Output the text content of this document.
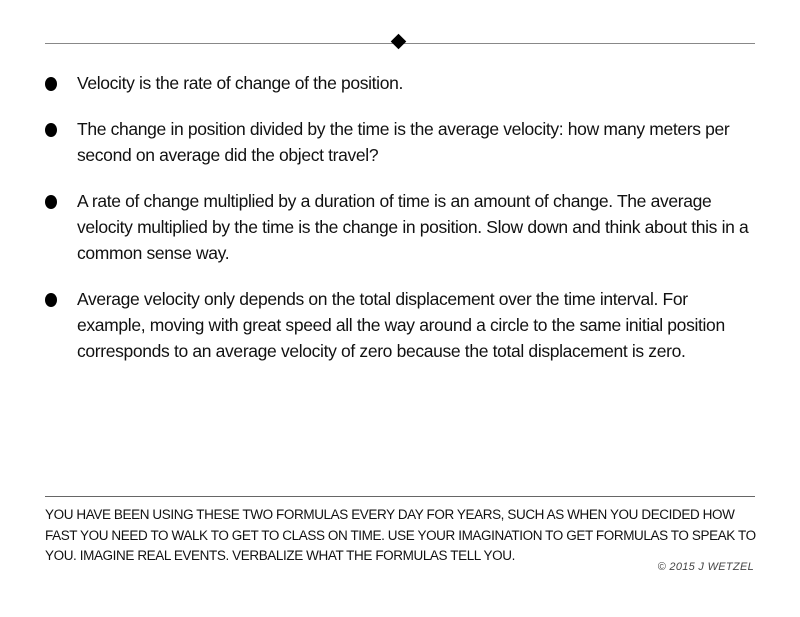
Velocity is the rate of change of the position.
The change in position divided by the time is the average velocity: how many meters per second on average did the object travel?
A rate of change multiplied by a duration of time is an amount of change. The average velocity multiplied by the time is the change in position. Slow down and think about this in a common sense way.
Average velocity only depends on the total displacement over the time interval. For example, moving with great speed all the way around a circle to the same initial position corresponds to an average velocity of zero because the total displacement is zero.
YOU HAVE BEEN USING THESE TWO FORMULAS EVERY DAY FOR YEARS, SUCH AS WHEN YOU DECIDED HOW FAST YOU NEED TO WALK TO GET TO CLASS ON TIME. USE YOUR IMAGINATION TO GET FORMULAS TO SPEAK TO YOU. IMAGINE REAL EVENTS. VERBALIZE WHAT THE FORMULAS TELL YOU.
© 2015 J WETZEL
